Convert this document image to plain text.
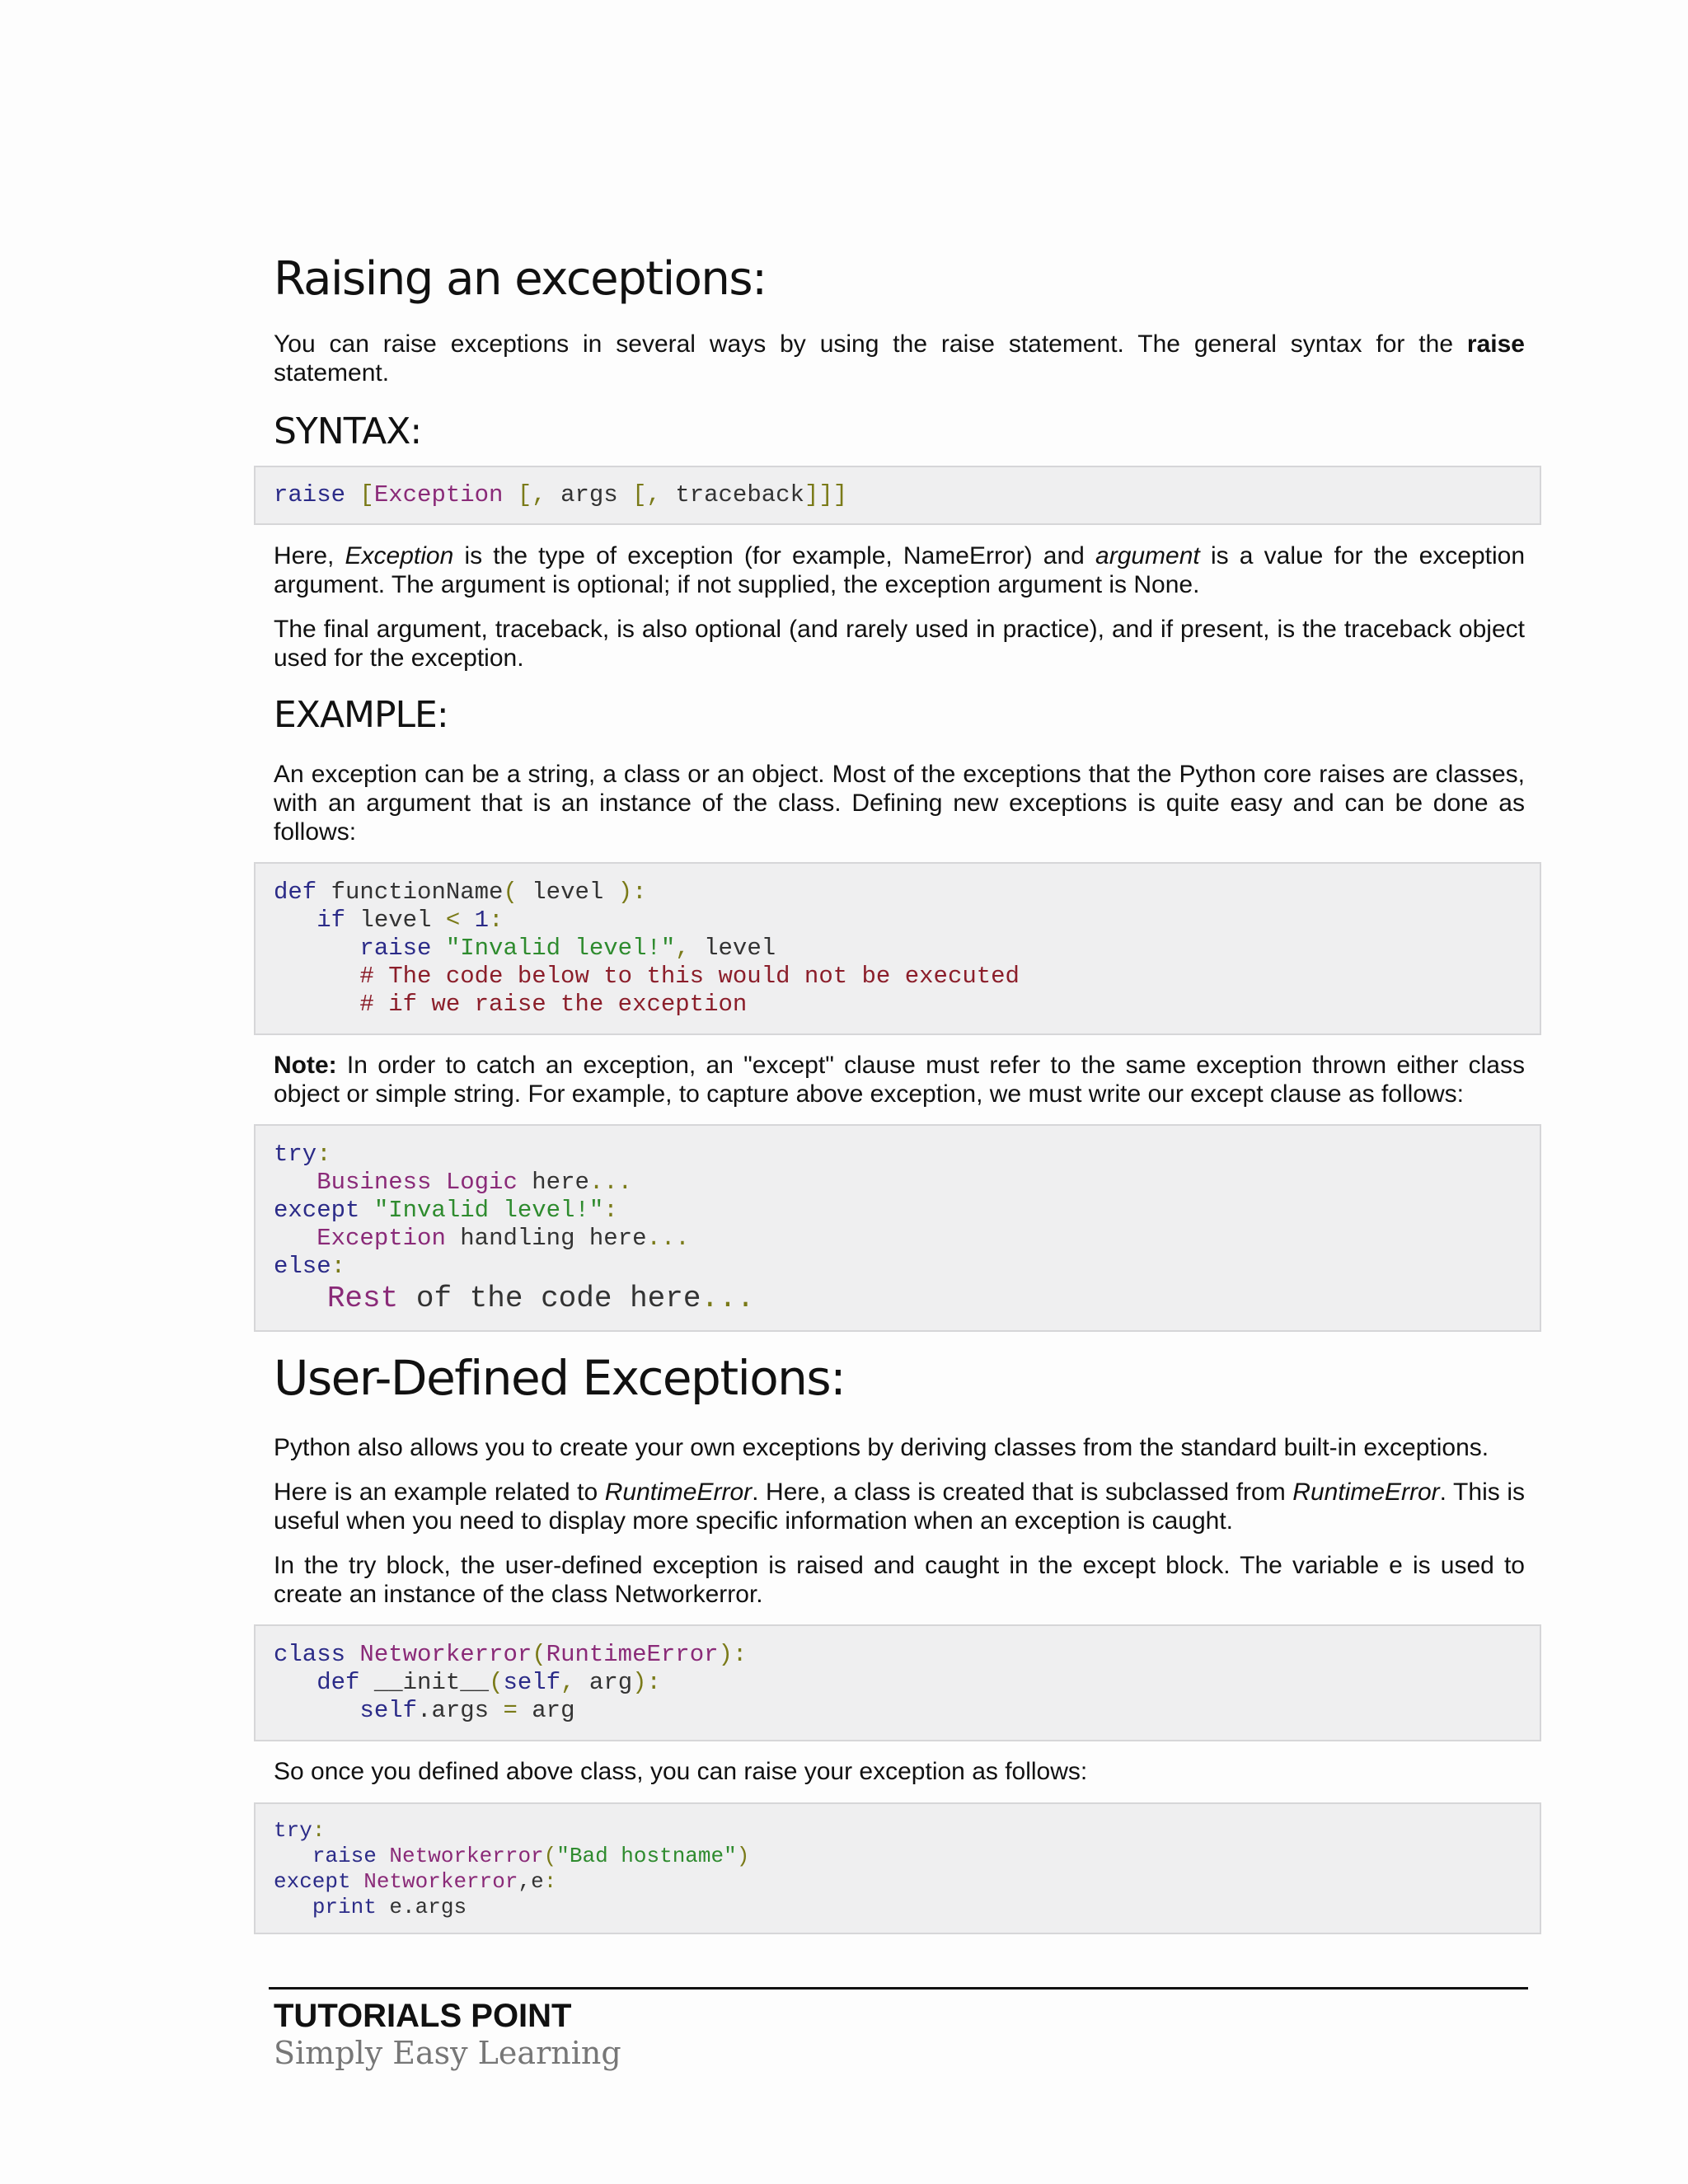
Raising an exceptions:

You can raise exceptions in several ways by using the raise statement. The general syntax for the raise statement.

SYNTAX:
raise [Exception [, args [, traceback]]]

Here, Exception is the type of exception (for example, NameError) and argument is a value for the exception argument. The argument is optional; if not supplied, the exception argument is None.

The final argument, traceback, is also optional (and rarely used in practice), and if present, is the traceback object used for the exception.

EXAMPLE:

An exception can be a string, a class or an object. Most of the exceptions that the Python core raises are classes, with an argument that is an instance of the class. Defining new exceptions is quite easy and can be done as follows:

def functionName( level ):
if level < 1:
raise "Invalid level!", level
# The code below to this would not be executed
# if we raise the exception

Note: In order to catch an exception, an "except" clause must refer to the same exception thrown either class object or simple string. For example, to capture above exception, we must write our except clause as follows:

try:
Business Logic here...
except "Invalid level!":
Exception handling here...
else:
Rest of the code here...
User-Defined Exceptions:

Python also allows you to create your own exceptions by deriving classes from the standard built-in exceptions.

Here is an example related to RuntimeError. Here, a class is created that is subclassed from RuntimeError. This is useful when you need to display more specific information when an exception is caught.

In the try block, the user-defined exception is raised and caught in the except block. The variable e is used to create an instance of the class Networkerror.

class Networkerror(RuntimeError):
def __init__(self, arg):
self.args = arg

So once you defined above class, you can raise your exception as follows:

try:
raise Networkerror("Bad hostname")
except Networkerror,e:
print e.args
TUTORIALS POINT
Simply Easy Learning
